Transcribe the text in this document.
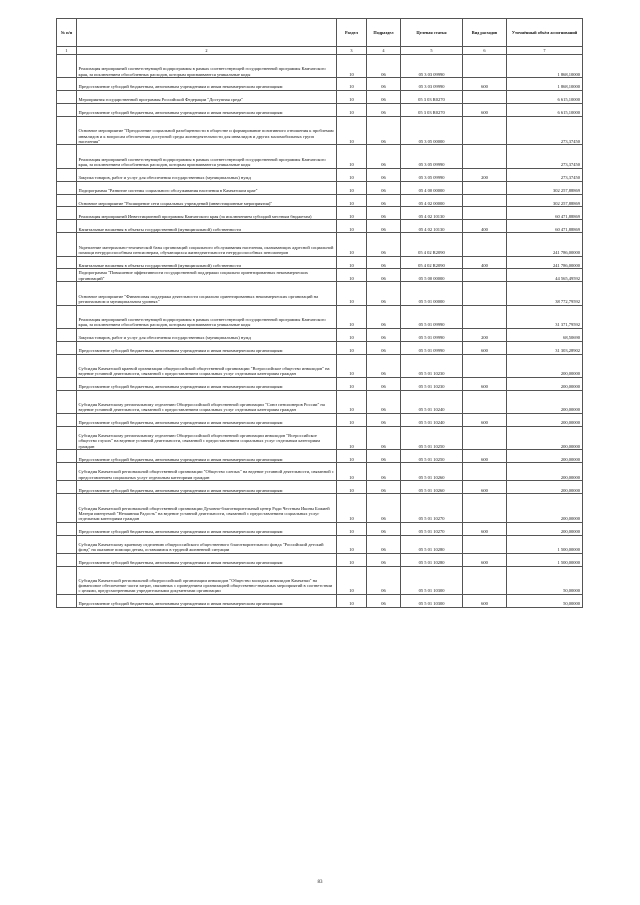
№ п/п		Раздел	Подраздел	Целевая статья	Вид расходов	Уточнённый объём ассигнований
1	2	3	4	5	6	7
	Реализация мероприятий соответствующей подпрограммы в рамках соответствующей государственной программы Камчатского края, за исключением обособленных расходов, которым присваиваются уникальные коды	10	06	05 3 03 09990		1 868,10000
	Предоставление субсидий бюджетным, автономным учреждениям и иным некоммерческим организациям	10	06	05 3 03 09990	600	1 868,10000
	Мероприятия государственной программы Российской Федерации "Доступная среда"	10	06	05 3 03 R0270		6 615,10000
	Предоставление субсидий бюджетным, автономным учреждениям и иным некоммерческим организациям	10	06	05 3 03 R0270	600	6 615,10000
	Основное мероприятие "Преодоление социальной разобщенности в обществе и формирование позитивного отношения к проблемам инвалидов и к вопросам обеспечения доступной среды жизнедеятельности для инвалидов и других маломобильных групп населения"	10	06	05 3 05 00000		273,37450
	Реализация мероприятий соответствующей подпрограммы в рамках соответствующей государственной программы Камчатского края, за исключением обособленных расходов, которым присваиваются уникальные коды	10	06	05 3 05 09990		273,37450
	Закупка товаров, работ и услуг для обеспечения государственных (муниципальных) нужд	10	06	05 3 05 09990	200	273,37450
	Подпрограмма "Развитие системы социального обслуживания населения в Камчатском крае"	10	06	05 4 00 00000		302 257,88869
	Основное мероприятие "Расширение сети социальных учреждений (инвестиционные мероприятия)"	10	06	05 4 02 00000		302 257,88869
	Реализация мероприятий Инвестиционной программы Камчатского края (за исключением субсидий местным бюджетам)	10	06	05 4 02 10130		60 471,88869
	Капитальные вложения в объекты государственной (муниципальной) собственности	10	06	05 4 02 10130	400	60 471,88869
	Укрепление материально-технической базы организаций социального обслуживания населения, оказывающих адресной социальной помощи нетрудоспособным пенсионерам, обучающихся жизнедеятельности нетрудоспособных пенсионеров	10	06	05 4 02 R2090		241 786,00000
	Капитальные вложения в объекты государственной (муниципальной) собственности	10	06	05 4 02 R2090	400	241 786,00000
	Подпрограмма "Повышение эффективности государственной поддержки социально ориентированных некоммерческих организаций"	10	06	05 5 00 00000		44 565,49592
	Основное мероприятие "Финансовая поддержка деятельности социально ориентированных некоммерческих организаций на региональном и муниципальном уровнях"	10	06	05 5 01 00000		38 772,79592
	Реализация мероприятий соответствующей подпрограммы в рамках соответствующей государственной программы Камчатского края, за исключением обособленных расходов, которым присваиваются уникальные коды	10	06	05 5 01 09990		31 371,79592
	Закупка товаров, работ и услуг для обеспечения государственных (муниципальных) нужд	10	06	05 5 01 09990	200	68,50690
	Предоставление субсидий бюджетным, автономным учреждениям и иным некоммерческим организациям	10	06	05 5 01 09990	600	31 303,28902
	Субсидия Камчатской краевой организации общероссийской общественной организации "Всероссийское общество инвалидов" на ведение уставной деятельности, связанной с предоставлением социальных услуг отдельным категориям граждан	10	06	05 5 01 10230		200,00000
	Предоставление субсидий бюджетным, автономным учреждениям и иным некоммерческим организациям	10	06	05 5 01 10230	600	200,00000
	Субсидия Камчатскому региональному отделению Общероссийской общественной организации "Союз пенсионеров России" на ведение уставной деятельности, связанной с предоставлением социальных услуг отдельным категориям граждан	10	06	05 5 01 10240		200,00000
	Предоставление субсидий бюджетным, автономным учреждениям и иным некоммерческим организациям	10	06	05 5 01 10240	600	200,00000
	Субсидия Камчатскому региональному отделению Общероссийской общественной организации инвалидов "Всероссийское общество глухих" на ведение уставной деятельности, связанной с предоставлением социальных услуг отдельным категориям граждан	10	06	05 5 01 10250		200,00000
	Предоставление субсидий бюджетным, автономным учреждениям и иным некоммерческим организациям	10	06	05 5 01 10250	600	200,00000
	Субсидия Камчатской региональной общественной организации "Общество слепых" на ведение уставной деятельности, связанной с предоставлением социальных услуг отдельным категориям граждан	10	06	05 5 01 10260		200,00000
	Предоставление субсидий бюджетным, автономным учреждениям и иным некоммерческим организациям	10	06	05 5 01 10260	600	200,00000
	Субсидия Камчатской региональной общественной организации Духовно-благотворительный центр Ради Честным Иконы Божией Матери именуемой "Нечаянная Радость" на ведение уставной деятельности, связанной с предоставлением социальных услуг отдельным категориям граждан	10	06	05 5 01 10270		200,00000
	Предоставление субсидий бюджетным, автономным учреждениям и иным некоммерческим организациям	10	06	05 5 01 10270	600	200,00000
	Субсидия Камчатскому краевому отделению общероссийского общественного благотворительного фонда "Российский детский фонд" на оказание помощи детям, оставшимся в трудной жизненной ситуации	10	06	05 5 01 10280		1 500,00000
	Предоставление субсидий бюджетным, автономным учреждениям и иным некоммерческим организациям	10	06	05 5 01 10280	600	1 500,00000
	Субсидия Камчатской региональной общероссийской организации инвалидов "Общество молодых инвалидов Камчатки" на финансовое обеспечение части затрат, связанных с проведением организацией общественно-значимых мероприятий в соответствии с целями, предусмотренными учредительными документами организации	10	06	05 5 01 10300		50,00000
	Предоставление субсидий бюджетным, автономным учреждениям и иным некоммерческим организациям	10	06	05 5 01 10300	600	50,00000
83
